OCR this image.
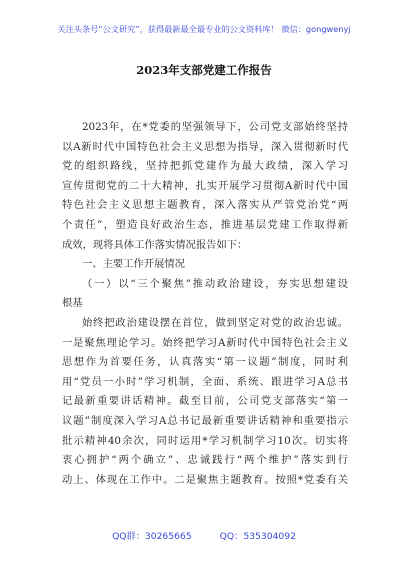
关注头条号“公文研究”，获得最新最全最专业的公文资料库！ 微信：gongwenyj
2023年支部党建工作报告
2023年，在*党委的坚强领导下，公司党支部始终坚持
以A新时代中国特色社会主义思想为指导，深入贯彻新时代
党的组织路线，坚持把抓党建作为最大政绩，深入学习
宣传贯彻党的二十大精神，扎实开展学习贯彻A新时代中国
特色社会主义思想主题教育，深入落实从严管党治党“两
个责任”，塑造良好政治生态，推进基层党建工作取得新
成效，现将具体工作落实情况报告如下：
一、主要工作开展情况
（一）以“三个聚焦”推动政治建设，夯实思想建设
根基
始终把政治建设摆在首位，做到坚定对党的政治忠诚。
一是聚焦理论学习。始终把学习A新时代中国特色社会主义
思想作为首要任务，认真落实“第一议题”制度，同时利
用“党员一小时”学习机制，全面、系统、跟进学习A总书
记最新重要讲话精神。截至目前，公司党支部落实“第一
议题”制度深入学习A总书记最新重要讲话精神和重要指示
批示精神40余次，同时运用*学习机制学习10次。切实将
衷心拥护“两个确立”、忠诚践行“两个维护”落实到行
动上、体现在工作中。二是聚焦主题教育。按照*党委有关
QQ群：30265665	QQ：535304092
